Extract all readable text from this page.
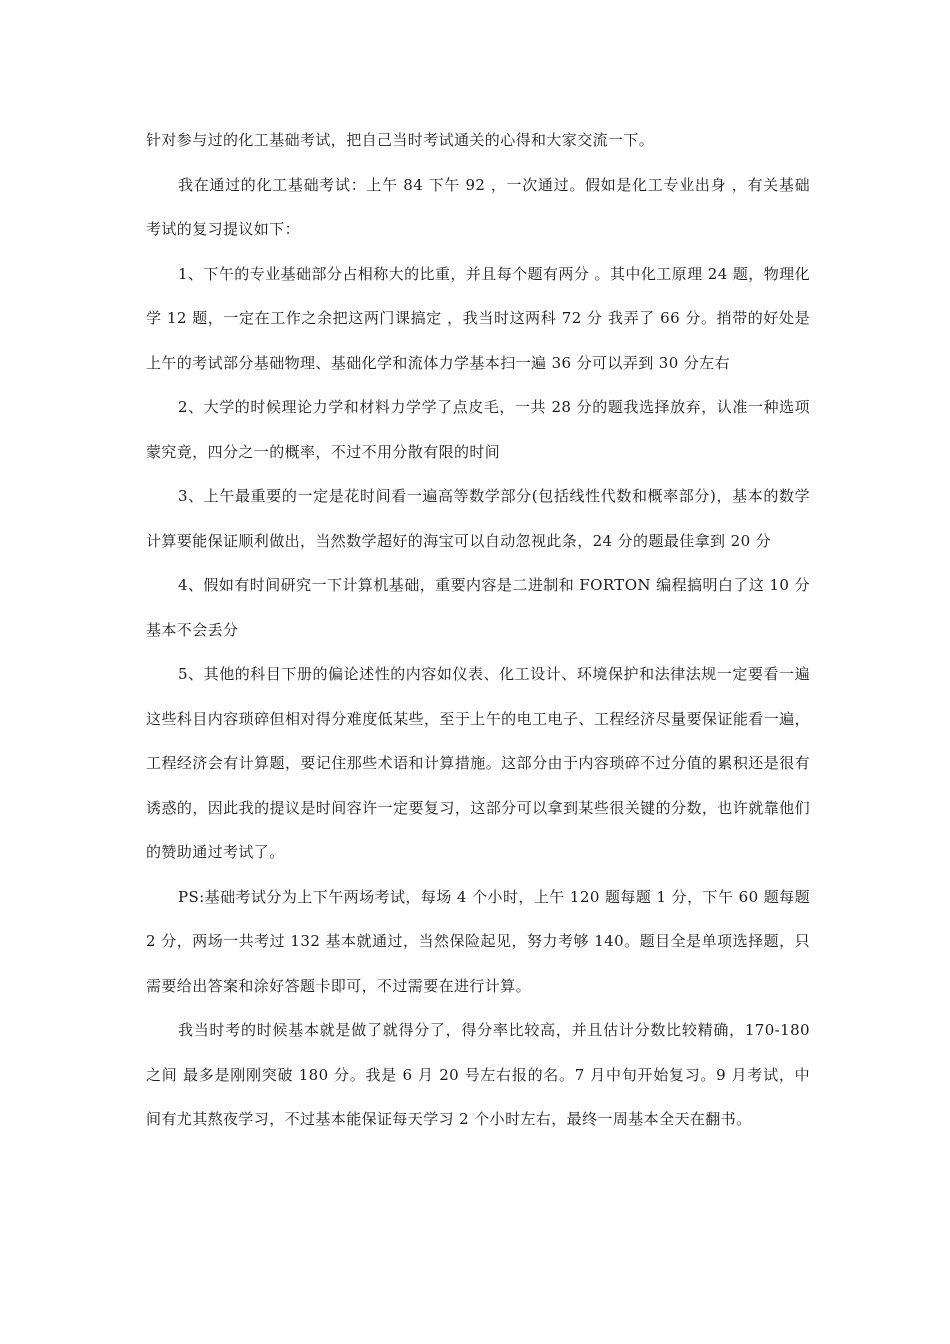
针对参与过的化工基础考试，把自己当时考试通关的心得和大家交流一下。

我在通过的化工基础考试：上午 84 下午 92 ，一次通过。假如是化工专业出身 ，有关基础考试的复习提议如下：

1、下午的专业基础部分占相称大的比重，并且每个题有两分 。其中化工原理 24 题，物理化学 12 题，一定在工作之余把这两门课搞定 ，我当时这两科 72 分 我弄了 66 分。捎带的好处是 上午的考试部分基础物理、基础化学和流体力学基本扫一遍 36 分可以弄到 30 分左右

2、大学的时候理论力学和材料力学学了点皮毛，一共 28 分的题我选择放弃，认准一种选项蒙究竟，四分之一的概率，不过不用分散有限的时间

3、上午最重要的一定是花时间看一遍高等数学部分(包括线性代数和概率部分)，基本的数学计算要能保证顺利做出，当然数学超好的海宝可以自动忽视此条，24 分的题最佳拿到 20 分

4、假如有时间研究一下计算机基础，重要内容是二进制和 FORTON 编程搞明白了这 10 分基本不会丢分

5、其他的科目下册的偏论述性的内容如仪表、化工设计、环境保护和法律法规一定要看一遍 这些科目内容琐碎但相对得分难度低某些，至于上午的电工电子、工程经济尽量要保证能看一遍，工程经济会有计算题，要记住那些术语和计算措施。这部分由于内容琐碎不过分值的累积还是很有诱惑的，因此我的提议是时间容许一定要复习，这部分可以拿到某些很关键的分数，也许就靠他们的赞助通过考试了。

PS:基础考试分为上下午两场考试，每场 4 个小时，上午 120 题每题 1 分，下午 60 题每题 2 分，两场一共考过 132 基本就通过，当然保险起见，努力考够 140。题目全是单项选择题，只需要给出答案和涂好答题卡即可，不过需要在进行计算。

我当时考的时候基本就是做了就得分了，得分率比较高，并且估计分数比较精确，170-180 之间 最多是刚刚突破 180 分。我是 6 月 20 号左右报的名。7 月中旬开始复习。9 月考试，中间有尤其熬夜学习，不过基本能保证每天学习 2 个小时左右，最终一周基本全天在翻书。
